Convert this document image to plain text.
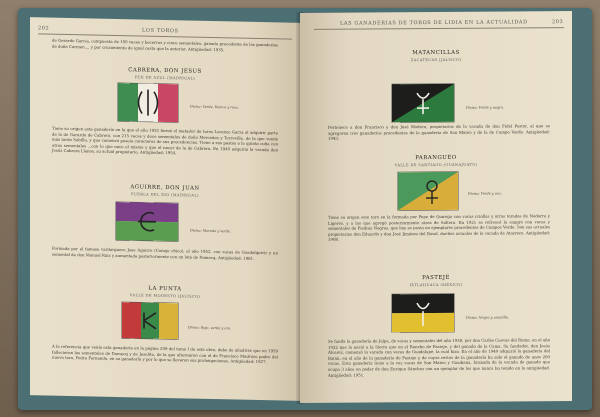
202	LOS TOROS
de Gerardo Garcia, compuesta de 100 vacas y becerros y cinco sementales, ganado procedente de las ganaderías de doña Carmen..., y por cruzamiento de igual casta que la anterior. Antigüedad: 1935.
CABRERA, DON JESUS
PUE DE AZUL (MADRIGAL)
Divisa: Verde, blanco y rosa.
Tiene su origen esta ganadería en la que el año 1952 formó el matador de toros Lorenzo Garza al adquirir parte de la de Gerardo de Cabrera, con 215 vacas y doce sementales de doña Mercedes y Terreville, de la que vende más tarde Sebillo, y que comenzó poseía caracteres de sus procedencias. Tiene a sus pastos a la quinta cuña con otros sementales ...con lo que nace el mismo y que el nacer de la de Cabrera. En 1940 adquirió la vacada don Jesús Cabrera Llanos, su actual propietario. Antigüedad: 1954.
AGUIRRE, DON JUAN
PUEBLA DEL RIO (MADRIGAL)
Divisa: Morada y verde.
Formada por el famoso varilarguero Jose Aguirre (Conejo chico), el año 1952, con vacas de Guadalquivir y un semental de don Manuel Ruiz y aumentada posteriormente con un lote de Domecq. Antigüedad: 1961.
LA PUNTA
VALLE DE MODESTO (JALISCO)
Divisa: Rojo, verde y oro.
A la referencia que venía esta ganadería en la página 209 del tomo I de esta obra, debe de añadirse que en 1959 fallecieron los sementales de Domecq y de Joselito, de la que alternaron con el de Francisco Madrazo padre del nuevo toro, Pedro Fernando, en su ganadería y por lo que se llevaron sus prolongaciones. Antigüedad: 1927.
LAS GANADERIAS DE TOROS DE LIDIA EN LA ACTUALIDAD	203
MATANCILLAS
ZACATECAS (JALISCO)
Divisa: Verde y negro.
Pertenece a don Francisco y don José Madero, propietarios de la vacada de don Fidel Pastor, al que se agregaron tres ganaderías procedentes de la ganadería de San Mateo y de la de Campo Verde. Antigüedad: 1943.
PARANGUEO
VALLE DE SANTIAGO (GUANAJUATO)
Divisa: Verde y oro.
Tiene su origen este toro en la formada por Pepe de Quiroga con vacas criollas y otras toradas de Nodarra y Ligeros, y a las que agregó posteriormente otras de Soltero. En 1921 se refrescó la sangre con vacas y sementales de Piedras Negras, que hoy se pasta en ejemplares procedentes de Campos Verde. Son sus actuales propietarios don Eduardo y don José Jiménez del Rosal, dueños actuales de la vacada de Atarreco. Antigüedad: 1908.
PASTEJE
IXTLAHUACA (MEXICO)
Divisa: Negro y amarillo.
Se funda la ganadería de Jalpa, de vacas y sementales del año 1938, por don Carlos Cuevas del Ramo, en el año 1922 que la nació a la Sierra que en el Rancho de Pasteje, y del ganado de la Cama, Su fundador, don Jesús Álvarez, comenzó la vacada con vacas de Guadalupe, la cual hizo. En el año de 1949 adquirió la ganadería del Batán, en el año de la ganadería de Pasteje y de cuyos restos de la ganadería ha sido el ganado de unos 200 vacas. Esta ganadería tiene a la vez vacas de San Mateo y Guadiana, formada de la vacada de ganado que ocupa 3 años en poder de don Enrique Sánchez con un ejemplar de los que nunca ha tenido en la antigüedad. Antigüedad: 1951.
